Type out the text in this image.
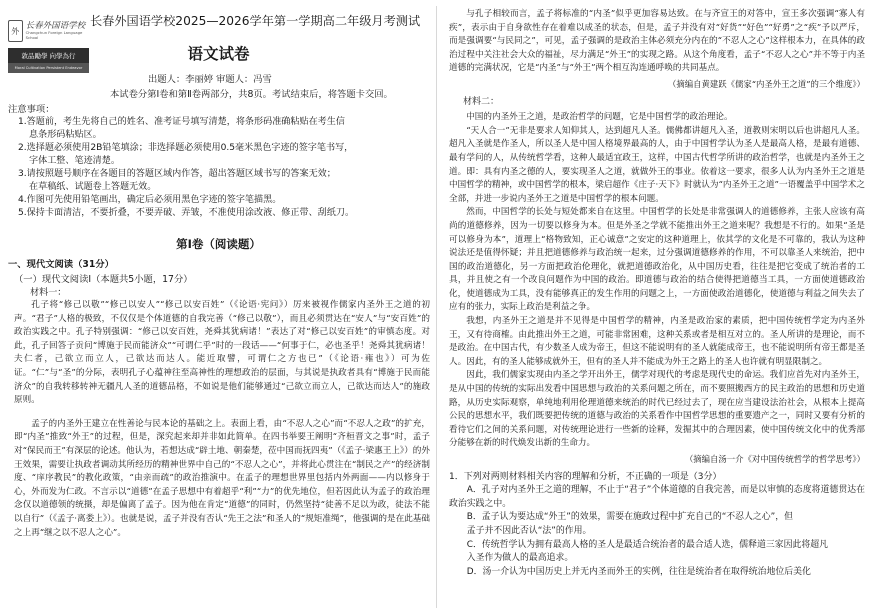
外
长春外国语学校
Changchun Foreign Language School
敦品勵學 向學為行
Moral Cultivation Persistent Endeavor
长春外国语学校2025—2026学年第一学期高二年级月考测试
语文试卷
出题人：李丽婷 审题人：冯雪
本试卷分第Ⅰ卷和第Ⅱ卷两部分，共8页。考试结束后，将答题卡交回。
注意事项：

1.答题前，考生先将自己的姓名、准考证号填写清楚，将条形码准确粘贴在考生信

息条形码粘贴区。

2.选择题必须使用2B铅笔填涂；非选择题必须使用0.5毫米黑色字迹的签字笔书写，

字体工整、笔迹清楚。

3.请按照题号顺序在各题目的答题区域内作答，超出答题区域书写的答案无效；

在草稿纸、试题卷上答题无效。

4.作图可先使用铅笔画出，确定后必须用黑色字迹的签字笔描黑。

5.保持卡面清洁，不要折叠，不要弄破、弄皱，不准使用涂改液、修正带、刮纸刀。

第Ⅰ卷（阅读题）
一、现代文阅读（31分）
（一）现代文阅读Ⅰ（本题共5小题，17分）
材料一：

孔子将“修己以敬”“修己以安人”“修己以安百姓”（《论语·宪问》）厉来被视作儒家内圣外王之道的初声。“君子”人格的极致，不仅仅是个体道德的自我完善（“修己以敬”），而且必须贯达在“安人”与“安百姓”的政治实践之中。孔子特别强调：“修己以安百姓，尧舜其犹病诸！”表达了对“修己以安百姓”的审慎态度。对此，孔子回答子贡问“博施于民而能济众”“可谓仁乎”时的一段话——“何事于仁，必也圣乎！尧舜其犹病诸！夫仁者，己欲立而立人，己欲达而达人。能近取譬，可谓仁之方也已”（《论语·雍也》）可为佐证。“仁”与“圣”的分际，表明孔子心蕴神往至高神性的理想政治的层面，与其说是执政者具有“博施于民而能济众”的自我转移转神无疆凡人圣的道德品格，不如说是他们能够通过“己欲立而立人，己欲达而达人”的施政原则。

孟子的内圣外王建立在性善论与民本论的基础之上。表面上看，由“不忍人之心”而“不忍人之政”的扩充，即“内圣”推致“外王”的过程，但是，深究起来却并非如此简单。在四书举要王阐明“齐桓晋文之事”时，孟子对“保民而王”有深层的论述。他认为，若想达成“辟土地、朝秦楚，莅中国而抚四夷”（《孟子·梁惠王上》）的外王效果，需要让执政者调动其所经历的精神世界中自己的“不忍人之心”，并将此心贯注在“制民之产”的经济制度、“庠序教民”的教化政策，“由亲而疏”的政治推演中。在孟子的理想世界里包括内外两面——内以修身于心，外而发为仁政。不言示以“道德”在孟子思想中有着超乎“利”“力”的优先地位，但若因此认为孟子的政治理念仅以道德领的统摄，却是偏离了孟子。因为他在肯定“道德”的同时，仍然坚持“徒善不足以为政，徒法不能以自行”（《孟子·离娄上》）。也就是说，孟子并没有否认“先王之法”和圣人的“规矩准绳”，他强调的是在此基础之上再“继之以不忍人之心”。

与孔子相较而言，孟子将标准的“内圣”似乎更加容易达致。在与齐宣王的对答中，宣王多次强调“寡人有疾”，表示由于自身欲性存在着难以成圣的状态，但是，孟子并没有对“好货”“好色”“好勇”之“疾”予以严斥，而是强调要“与民同之”，可见，孟子强调的是政治主体必须充分内在的“不忍人之心”这样根本力，在具体的政治过程中关注社会大众的福祉，尽力满足“外王”的实现之路。从这个角度看，孟子“不忍人之心”并不等于内圣道德的完满状况，它是“内圣”与“外王”两个相互沟连通呼唤的共同基点。

（摘编自黄建跃《儒家“内圣外王之道”的三个维度》）
材料二：

中国的内圣外王之道，是政治哲学的问题，它是中国哲学的政治理论。

“天人合一”无非是要求人知仰其人，达到超凡人圣。儒佛都讲超凡入圣，道教则宋明以后也讲超凡人圣。超凡入圣就是作圣人，所以圣人是中国人格境界最高的人，由于中国哲学认为圣人是最高人格，是最有道德、最有学问的人，从传统哲学看，这种人最适宜政王，这样，中国古代哲学所讲的政治哲学，也就是内圣外王之道。即：具有内圣之德的人，要实现圣人之道，就做外王的事业。依着这一要求，很多人认为内圣外王之道是中国哲学的精神，或中国哲学的根本，梁启超作《庄子·天下》时就认为“内圣外王之道”一语覆盖乎中国学术之全部，并进一步说内圣外王之道是中国哲学的根本问题。

然而，中国哲学的长处与短处都来自在这里。中国哲学的长处是非常强调人的道德修养，主张人应该有高尚的道德修养，因为一切要以修身为本。但是外圣之学就不能推出外王之道来呢？我想是不行的。如果“圣是可以修身为本”，道理上“格物致知，正心诚意”之安定的这种道理上，依其学的文化是不可靠的，我认为这种说法还是值得怀疑；并且把道德修养与政治统一起来，过分强调道德修养的作用，不可以靠圣人来统治，把中国的政治道德化，另一方面把政治伦理化，就把道德政治化，从中国历史看，往往是把它变成了统治者的工具，并且使之有一个改良问题作为中国的政治。即道德与政治的结合使得把道德当工具，一方面使道德政治化，使道德成为工具，没有能够真正的发生作用的问题之上，一方面使政治道德化，使道德与利益之间失去了应有的张力，实际上政治是利益之争。

我想，内圣外王之道是并不见得是中国哲学的精神，内圣是政治家的素质，把中国传统哲学定为内圣外王，又有待商榷。由此推出外王之道，可能非常困难，这种关系或者是相互对立的。圣人所讲的是理论，而不是政治。在中国古代，有少数圣人成为帝王，但这不能说明有的圣人就能成帝王，也不能说明所有帝王都是圣人。因此，有的圣人能够成就外王，但有的圣人并不能成为外王之路上的圣人也许就有明显限制之。

因此，我们儒家实现由内圣之学开出外王，儒学对现代的考虑是现代史的命运。我们应首先对内圣外王，是从中国的传统的实际出发看中国思想与政治的关系问题之所在，而不要照搬西方的民主政治的思想和历史道路，从历史实际观察，单纯地利用伦理道德来统治的时代已经过去了，现在应当建设法治社会，从根本上提高公民的思想水平，我们既要把传统的道德与政治的关系看作中国哲学思想的重要遗产之一，同时又要有分析的看待它们之间的关系问题，对传统理论进行一些新的诠释，发掘其中的合理因素，使中国传统文化中的优秀部分能够在新的时代焕发出新的生命力。

（摘编自汤一介《对中国传统哲学的哲学思考》）
1．下列对两则材料相关内容的理解和分析，不正确的一项是（3分）

A．孔子对内圣外王之道的理解，不止于“君子”个体道德的自我完善，而是以审慎的态度将道德贯达在政治实践之中。

B．孟子认为要达成“外王”的效果，需要在施政过程中扩充自己的“不忍人之心”，但

孟子并不因此否认“法”的作用。

C．传统哲学认为拥有最高人格的圣人是最适合统治者的最合适人选，儒释道三家因此将超凡

入圣作为做人的最高追求。

D．汤一介认为中国历史上并无内圣而外王的实例，往往是统治者在取得统治地位后美化
